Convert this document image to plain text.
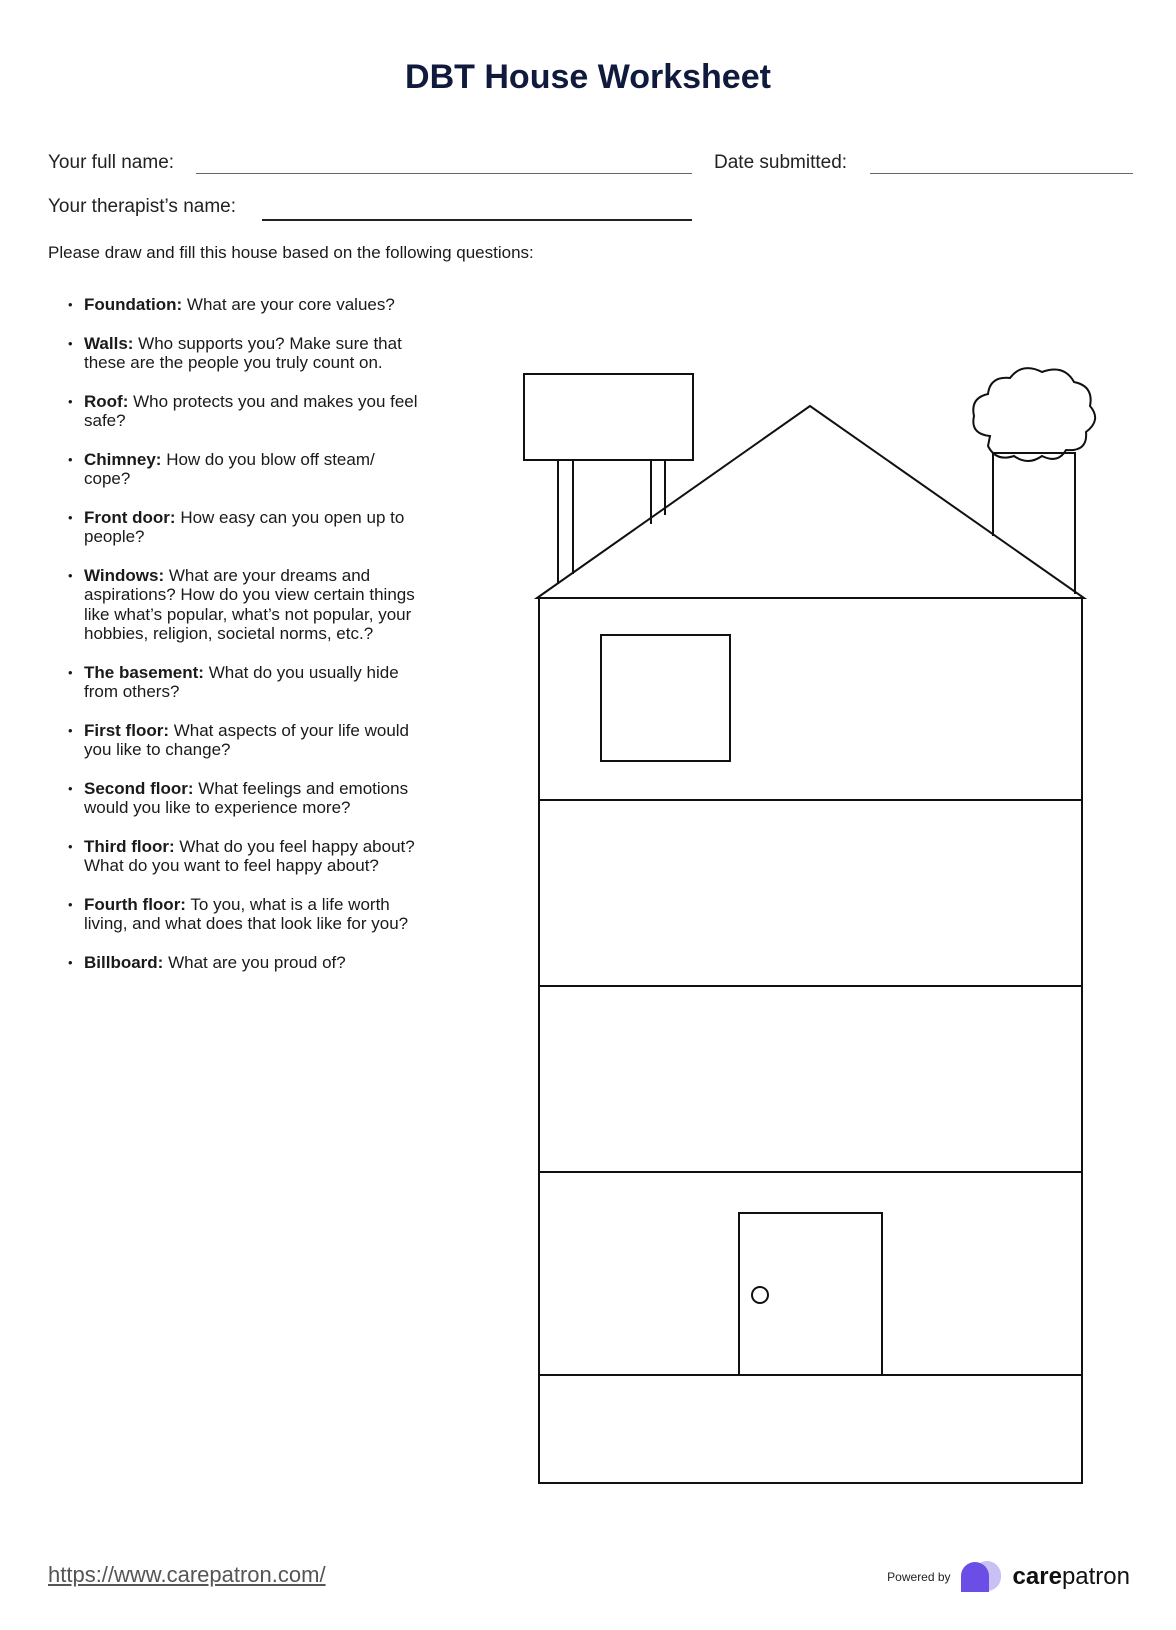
DBT House Worksheet
Your full name:	Date submitted:
Your therapist’s name:
Please draw and fill this house based on the following questions:
• Foundation: What are your core values?
• Walls: Who supports you? Make sure that these are the people you truly count on.
• Roof: Who protects you and makes you feel safe?
• Chimney: How do you blow off steam/ cope?
• Front door: How easy can you open up to people?
• Windows: What are your dreams and aspirations? How do you view certain things like what’s popular, what’s not popular, your hobbies, religion, societal norms, etc.?
• The basement: What do you usually hide from others?
• First floor: What aspects of your life would you like to change?
• Second floor: What feelings and emotions would you like to experience more?
• Third floor: What do you feel happy about? What do you want to feel happy about?
• Fourth floor: To you, what is a life worth living, and what does that look like for you?
• Billboard: What are you proud of?
https://www.carepatron.com/	Powered by	carepatron
